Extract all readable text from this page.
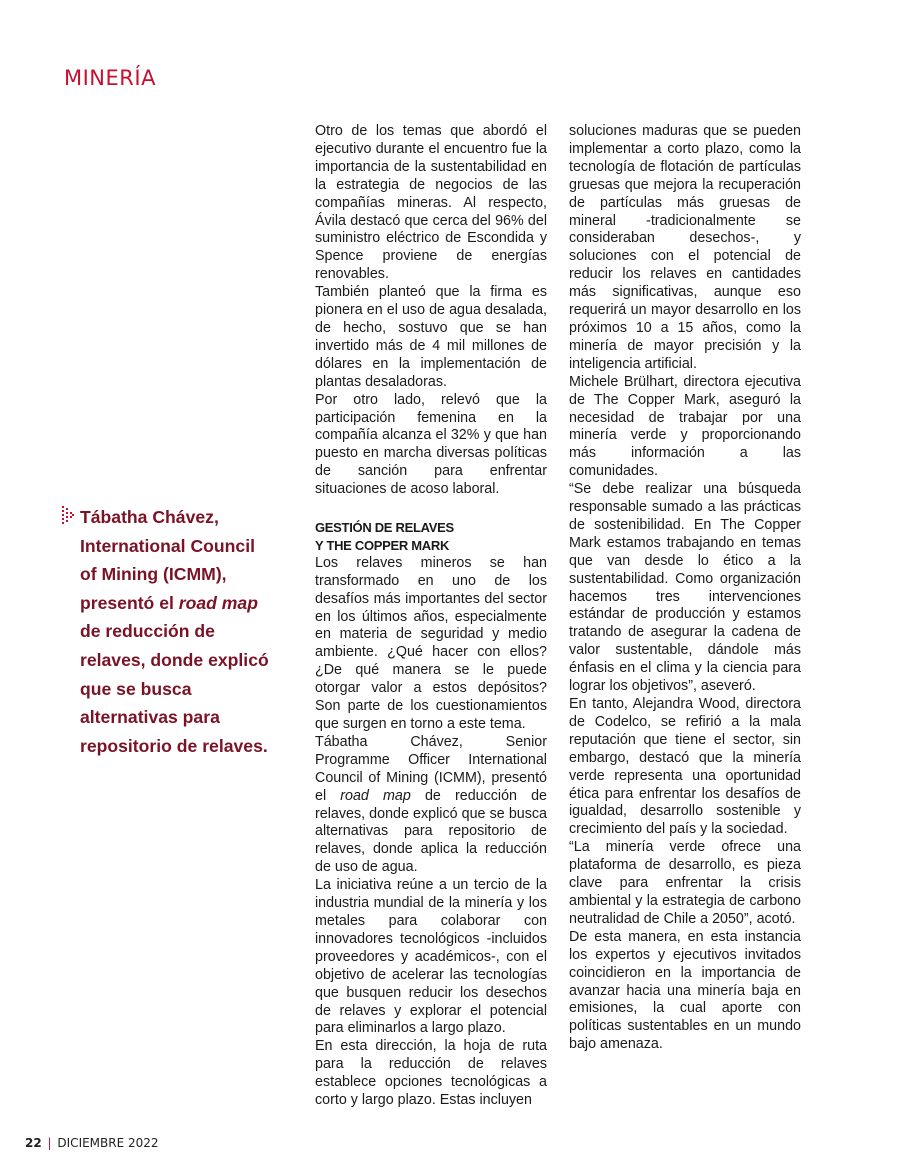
MINERÍA

Tábatha Chávez, International Council of Mining (ICMM), presentó el road map de reducción de relaves, donde explicó que se busca alternativas para repositorio de relaves.

Otro de los temas que abordó el ejecutivo durante el encuentro fue la importancia de la sustentabilidad en la estrategia de negocios de las compañías mineras. Al respecto, Ávila destacó que cerca del 96% del suministro eléctrico de Escondida y Spence proviene de energías renovables.

También planteó que la firma es pionera en el uso de agua desalada, de hecho, sostuvo que se han invertido más de 4 mil millones de dólares en la implementación de plantas desaladoras.

Por otro lado, relevó que la participación femenina en la compañía alcanza el 32% y que han puesto en marcha diversas políticas de sanción para enfrentar situaciones de acoso laboral.

GESTIÓN DE RELAVES
Y THE COPPER MARK

Los relaves mineros se han transformado en uno de los desafíos más importantes del sector en los últimos años, especialmente en materia de seguridad y medio ambiente. ¿Qué hacer con ellos? ¿De qué manera se le puede otorgar valor a estos depósitos? Son parte de los cuestionamientos que surgen en torno a este tema.

Tábatha Chávez, Senior Programme Officer International Council of Mining (ICMM), presentó el road map de reducción de relaves, donde explicó que se busca alternativas para repositorio de relaves, donde aplica la reducción de uso de agua.

La iniciativa reúne a un tercio de la industria mundial de la minería y los metales para colaborar con innovadores tecnológicos -incluidos proveedores y académicos-, con el objetivo de acelerar las tecnologías que busquen reducir los desechos de relaves y explorar el potencial para eliminarlos a largo plazo.

En esta dirección, la hoja de ruta para la reducción de relaves establece opciones tecnológicas a corto y largo plazo. Estas incluyen

soluciones maduras que se pueden implementar a corto plazo, como la tecnología de flotación de partículas gruesas que mejora la recuperación de partículas más gruesas de mineral -tradicionalmente se consideraban desechos-, y soluciones con el potencial de reducir los relaves en cantidades más significativas, aunque eso requerirá un mayor desarrollo en los próximos 10 a 15 años, como la minería de mayor precisión y la inteligencia artificial.

Michele Brülhart, directora ejecutiva de The Copper Mark, aseguró la necesidad de trabajar por una minería verde y proporcionando más información a las comunidades.

“Se debe realizar una búsqueda responsable sumado a las prácticas de sostenibilidad. En The Copper Mark estamos trabajando en temas que van desde lo ético a la sustentabilidad. Como organización hacemos tres intervenciones estándar de producción y estamos tratando de asegurar la cadena de valor sustentable, dándole más énfasis en el clima y la ciencia para lograr los objetivos”, aseveró.

En tanto, Alejandra Wood, directora de Codelco, se refirió a la mala reputación que tiene el sector, sin embargo, destacó que la minería verde representa una oportunidad ética para enfrentar los desafíos de igualdad, desarrollo sostenible y crecimiento del país y la sociedad.

“La minería verde ofrece una plataforma de desarrollo, es pieza clave para enfrentar la crisis ambiental y la estrategia de carbono neutralidad de Chile a 2050”, acotó.

De esta manera, en esta instancia los expertos y ejecutivos invitados coincidieron en la importancia de avanzar hacia una minería baja en emisiones, la cual aporte con políticas sustentables en un mundo bajo amenaza.

22 | DICIEMBRE 2022
